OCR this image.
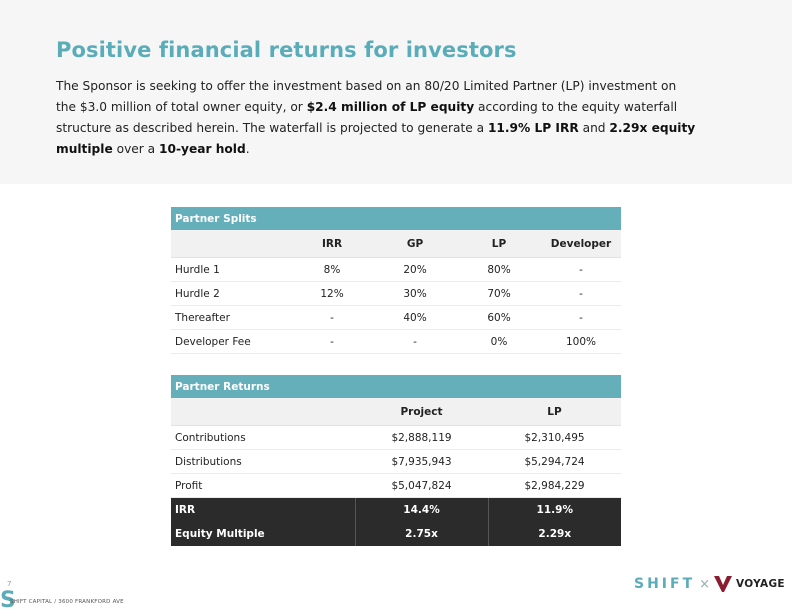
Positive financial returns for investors

The Sponsor is seeking to offer the investment based on an 80/20 Limited Partner (LP) investment on the $3.0 million of total owner equity, or $2.4 million of LP equity according to the equity waterfall structure as described herein. The waterfall is projected to generate a 11.9% LP IRR and 2.29x equity multiple over a 10-year hold.

Partner Splits				
	IRR	GP	LP	Developer
Hurdle 1	8%	20%	80%	-
Hurdle 2	12%	30%	70%	-
Thereafter	-	40%	60%	-
Developer Fee	-	-	0%	100%
Partner Returns		
	Project	LP
Contributions	$2,888,119	$2,310,495
Distributions	$7,935,943	$5,294,724
Profit	$5,047,824	$2,984,229
IRR	14.4%	11.9%
Equity Multiple	2.75x	2.29x
7
S
SHIFT CAPITAL / 3600 FRANKFORD AVE
SHIFT × VOYAGE
